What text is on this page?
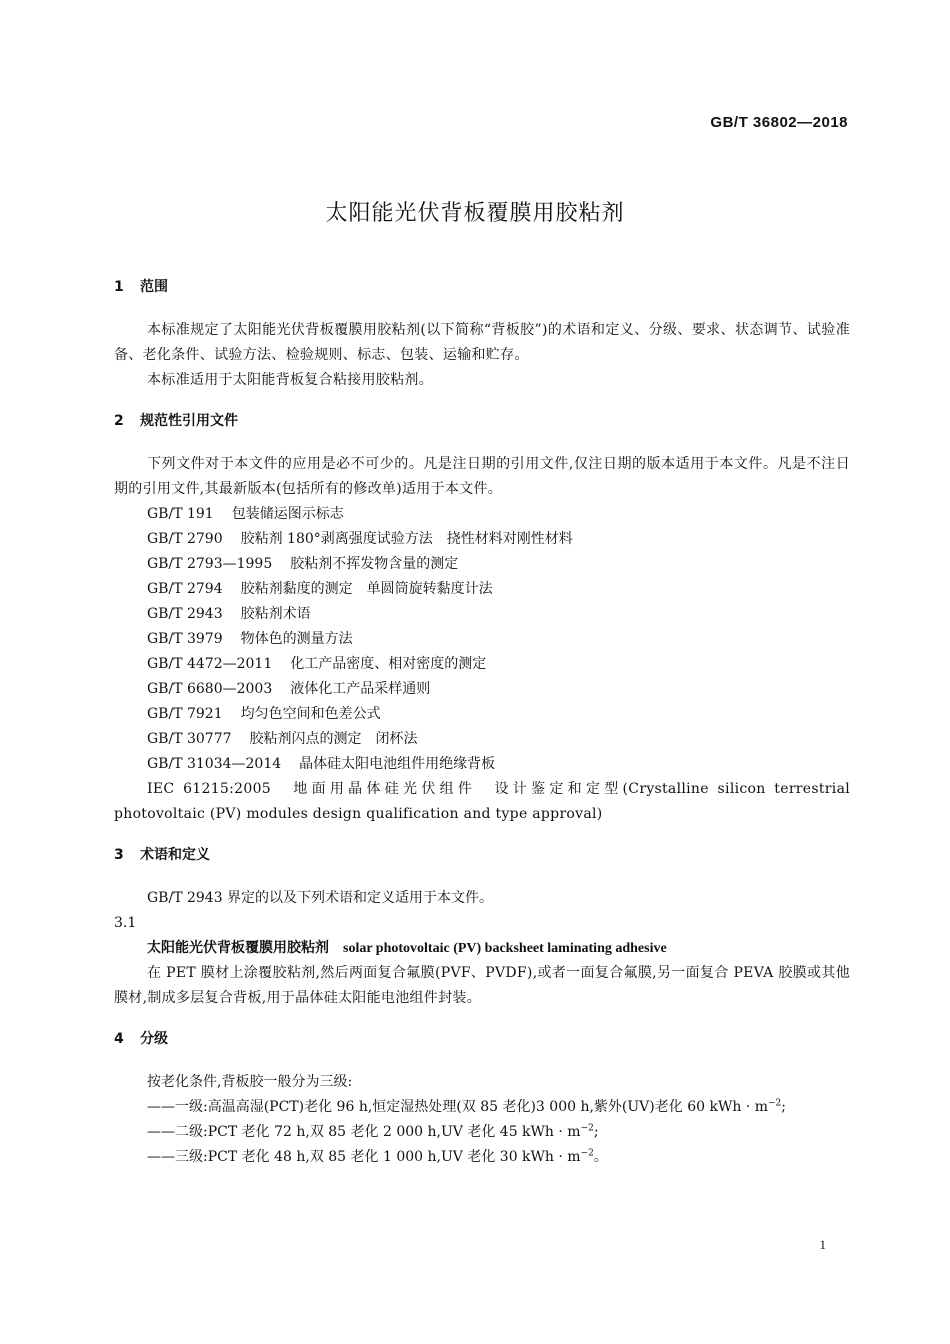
GB/T 36802—2018
太阳能光伏背板覆膜用胶粘剂
1 范围
本标准规定了太阳能光伏背板覆膜用胶粘剂(以下简称“背板胶”)的术语和定义、分级、要求、状态调节、试验准备、老化条件、试验方法、检验规则、标志、包装、运输和贮存。
本标准适用于太阳能背板复合粘接用胶粘剂。
2 规范性引用文件
下列文件对于本文件的应用是必不可少的。凡是注日期的引用文件,仅注日期的版本适用于本文件。凡是不注日期的引用文件,其最新版本(包括所有的修改单)适用于本文件。
GB/T 191 包装储运图示标志
GB/T 2790 胶粘剂 180°剥离强度试验方法　挠性材料对刚性材料
GB/T 2793—1995 胶粘剂不挥发物含量的测定
GB/T 2794 胶粘剂黏度的测定　单圆筒旋转黏度计法
GB/T 2943 胶粘剂术语
GB/T 3979 物体色的测量方法
GB/T 4472—2011 化工产品密度、相对密度的测定
GB/T 6680—2003 液体化工产品采样通则
GB/T 7921 均匀色空间和色差公式
GB/T 30777 胶粘剂闪点的测定　闭杯法
GB/T 31034—2014 晶体硅太阳电池组件用绝缘背板
IEC 61215:2005　地面用晶体硅光伏组件　设计鉴定和定型(Crystalline silicon terrestrial photovoltaic (PV) modules design qualification and type approval)
3 术语和定义
GB/T 2943 界定的以及下列术语和定义适用于本文件。
3.1
太阳能光伏背板覆膜用胶粘剂 solar photovoltaic (PV) backsheet laminating adhesive
在 PET 膜材上涂覆胶粘剂,然后两面复合氟膜(PVF、PVDF),或者一面复合氟膜,另一面复合 PEVA 胶膜或其他膜材,制成多层复合背板,用于晶体硅太阳能电池组件封装。
4 分级
按老化条件,背板胶一般分为三级:
——一级:高温高湿(PCT)老化 96 h,恒定湿热处理(双 85 老化)3 000 h,紫外(UV)老化 60 kWh · $m^{-2}$;
——二级:PCT 老化 72 h,双 85 老化 2 000 h,UV 老化 45 kWh · $m^{-2}$;
——三级:PCT 老化 48 h,双 85 老化 1 000 h,UV 老化 30 kWh · $m^{-2}$。
1
